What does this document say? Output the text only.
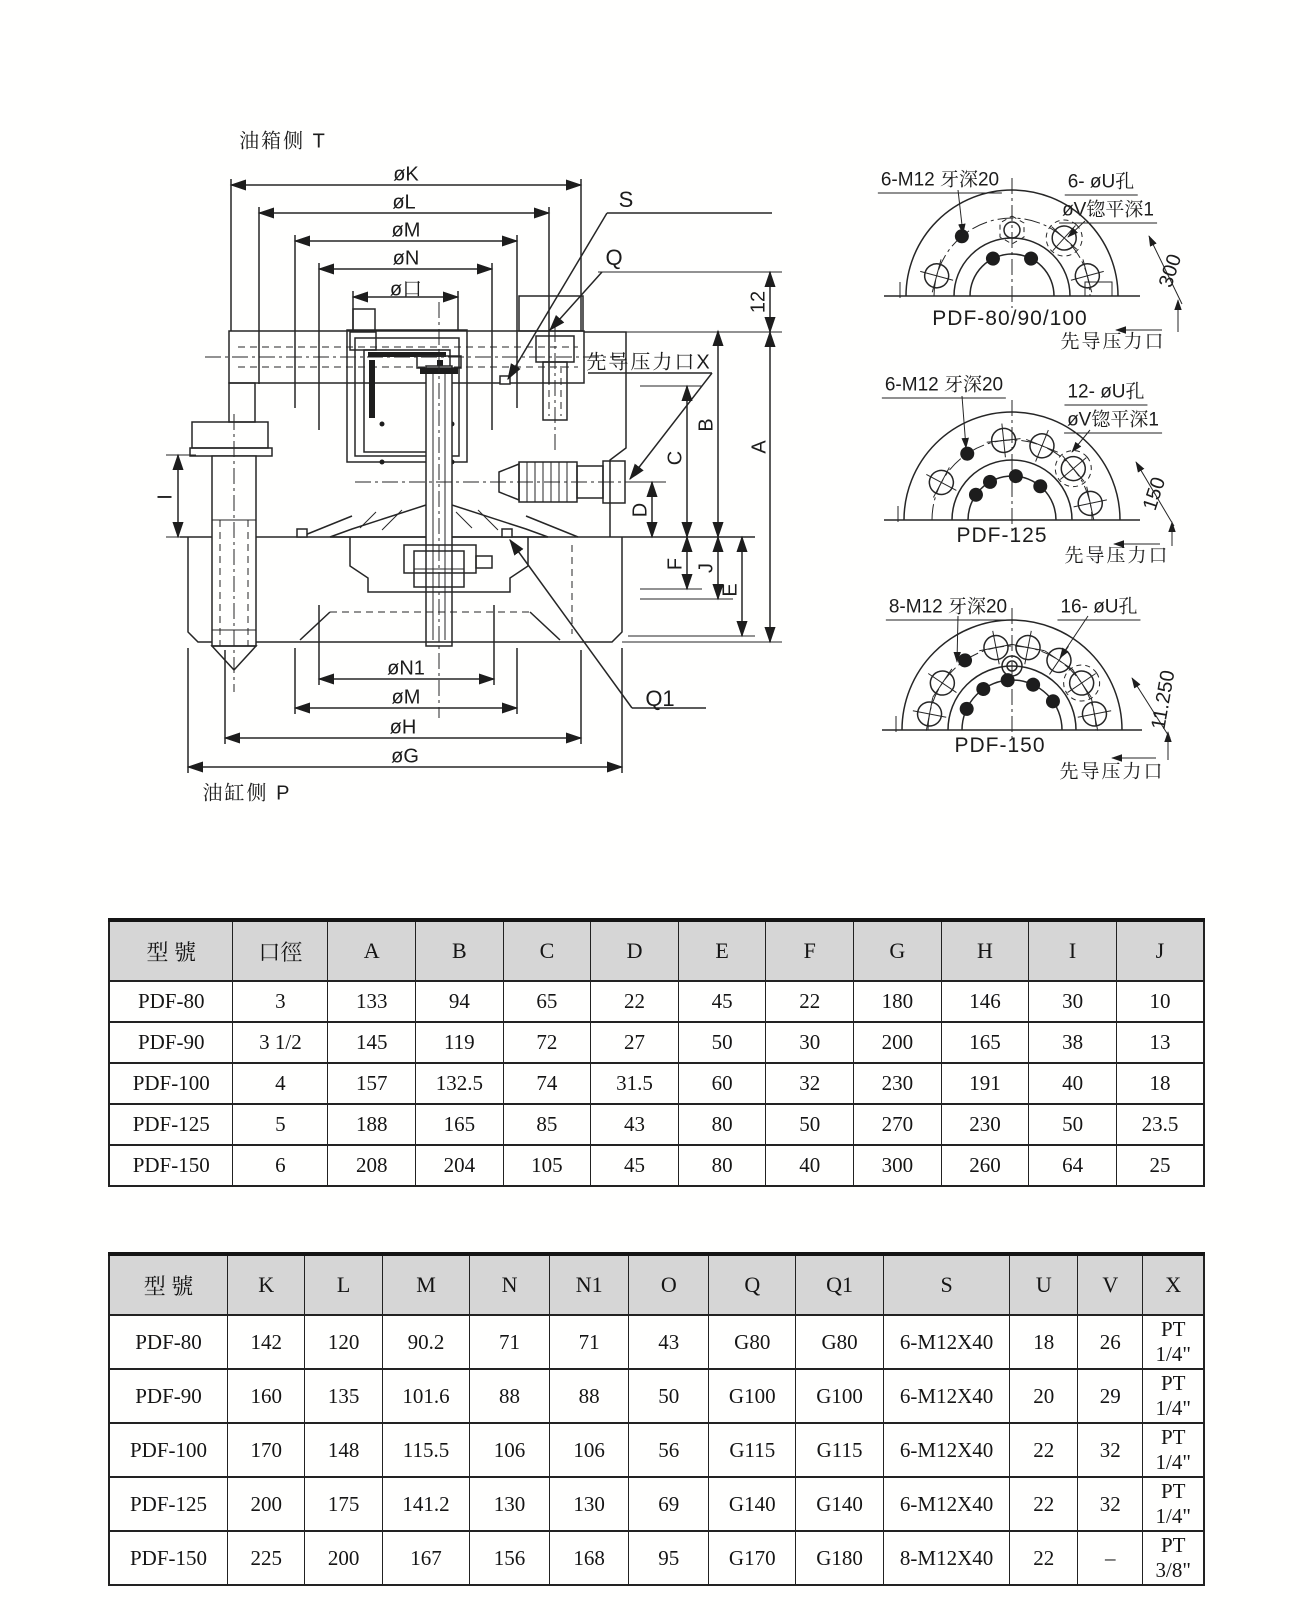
油箱侧 T
油缸侧 P
øK
øL
øM
øN
ø口
S
Q
Q1
先导压力口X
12
A
B
C
D
F J
E
I
øN1
øM
øH
øG
6-M12 牙深20	6- øU孔
øV锪平深1
300
PDF-80/90/100
先导压力口
6-M12 牙深20	12- øU孔
øV锪平深1
150
PDF-125
先导压力口
8-M12 牙深20	16- øU孔
11.250
PDF-150
先导压力口
型 號	口徑	A	B	C	D	E	F	G	H	I	J
PDF-80	3	133	94	65	22	45	22	180	146	30	10
PDF-90	3 1/2	145	119	72	27	50	30	200	165	38	13
PDF-100	4	157	132.5	74	31.5	60	32	230	191	40	18
PDF-125	5	188	165	85	43	80	50	270	230	50	23.5
PDF-150	6	208	204	105	45	80	40	300	260	64	25
型 號	K	L	M	N	N1	O	Q	Q1	S	U	V	X
PDF-80	142	120	90.2	71	71	43	G80	G80	6-M12X40	18	26	PT 1/4"
PDF-90	160	135	101.6	88	88	50	G100	G100	6-M12X40	20	29	PT 1/4"
PDF-100	170	148	115.5	106	106	56	G115	G115	6-M12X40	22	32	PT 1/4"
PDF-125	200	175	141.2	130	130	69	G140	G140	6-M12X40	22	32	PT 1/4"
PDF-150	225	200	167	156	168	95	G170	G180	8-M12X40	22	–	PT 3/8"
